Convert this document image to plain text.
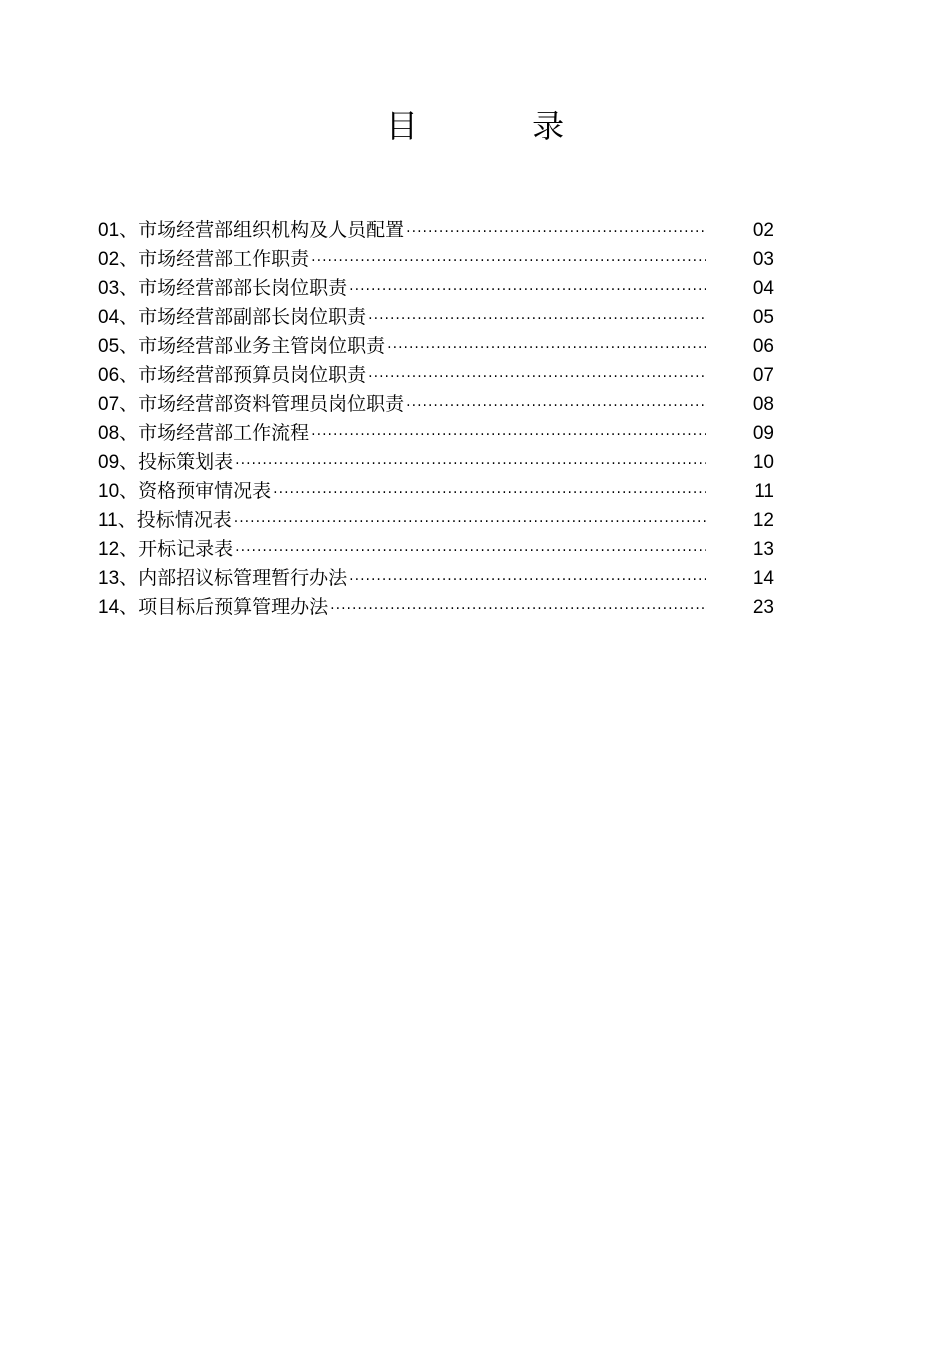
目 录
01 、 市场经营部组织机构及人员配置 ·····	02
02 、 市场经营部工作职责 ·····	03
03 、 市场经营部部长岗位职责 ·····	04
04 、 市场经营部副部长岗位职责 ·····	05
05 、 市场经营部业务主管岗位职责 ·····	06
06 、 市场经营部预算员岗位职责 ·····	07
07 、 市场经营部资料管理员岗位职责 ·····	08
08 、 市场经营部工作流程 ·····	09
09 、 投标策划表 ·····	10
10 、 资格预审情况表 ·····	11
11 、 投标情况表 ·····	12
12 、 开标记录表 ·····	13
13 、 内部招议标管理暂行办法 ·····	14
14 、 项目标后预算管理办法 ·····	23
